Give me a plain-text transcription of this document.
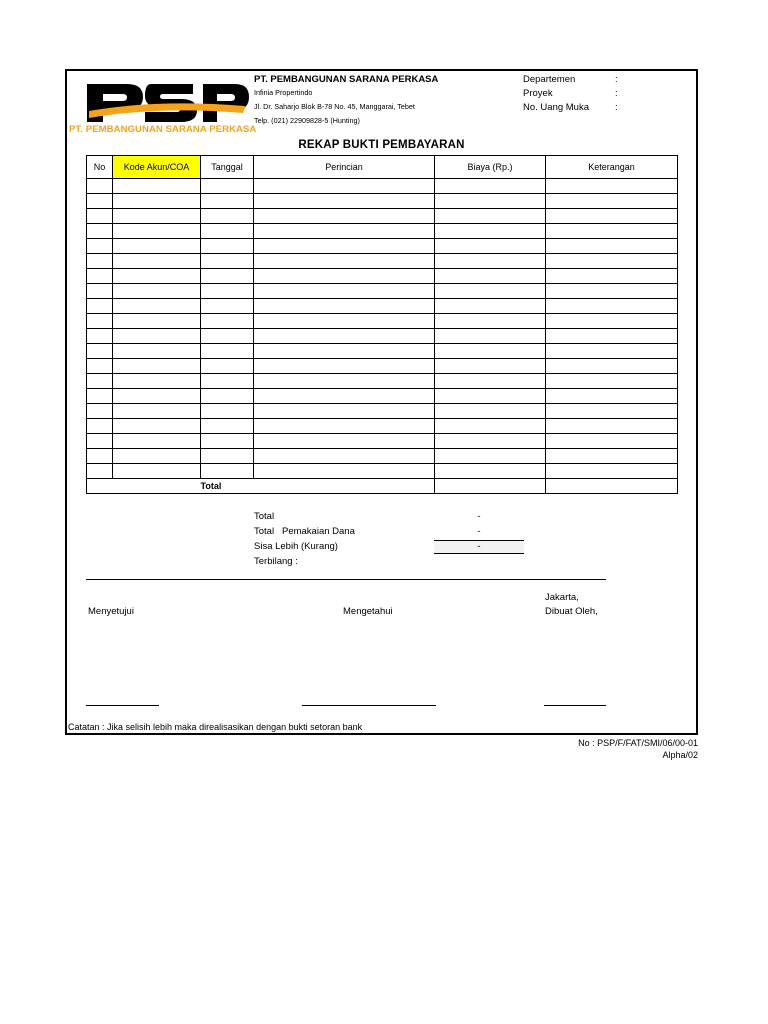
PT. PEMBANGUNAN SARANA PERKASA
PT. PEMBANGUNAN SARANA PERKASA
Infinia Propertindo
Jl. Dr. Saharjo Blok B-78 No. 45, Manggarai, Tebet
Telp. (021) 22909828-5 (Hunting)
Departemen	:
Proyek	:
No. Uang Muka	:
REKAP BUKTI PEMBAYARAN
No	Kode Akun/COA	Tanggal	Perincian	Biaya (Rp.)	Keterangan

		Total			
Total	-
Total   Pemakaian Dana	-
Sisa Lebih (Kurang)	-
Terbilang :
Menyetujui	Mengetahui
Jakarta,
Dibuat Oleh,
Catatan : Jika selisih lebih maka direalisasikan dengan bukti setoran bank
No : PSP/F/FAT/SMI/06/00-01
Alpha/02
